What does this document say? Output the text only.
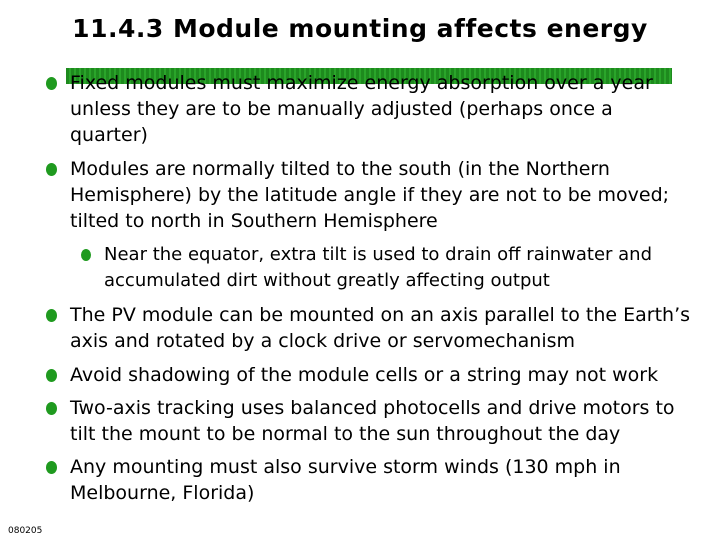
11.4.3 Module mounting affects energy
Fixed modules must maximize energy absorption over a year unless they are to be manually adjusted (perhaps once a quarter)
Modules are normally tilted to the south (in the Northern Hemisphere) by the latitude angle if they are not to be moved; tilted to north in Southern Hemisphere
Near the equator, extra tilt is used to drain off rainwater and accumulated dirt without greatly affecting output
The PV module can be mounted on an axis parallel to the Earth’s axis and rotated by a clock drive or servomechanism
Avoid shadowing of the module cells or a string may not work
Two-axis tracking uses balanced photocells and drive motors to tilt the mount to be normal to the sun throughout the day
Any mounting must also survive storm winds (130 mph in Melbourne, Florida)
080205
